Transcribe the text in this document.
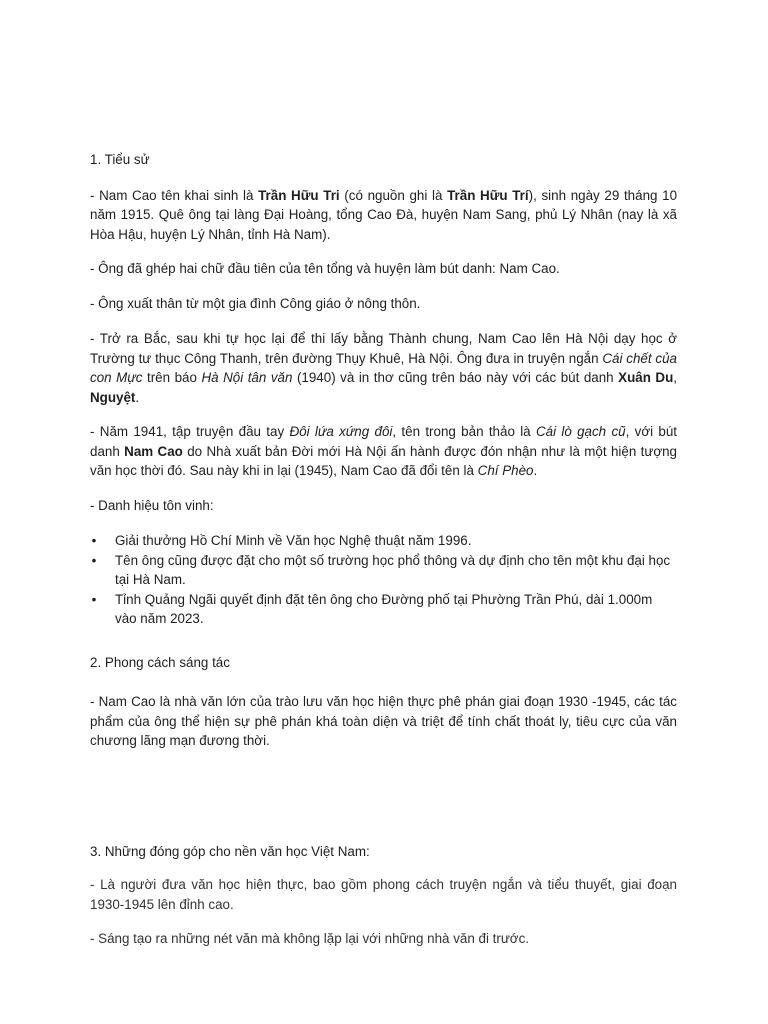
1. Tiểu sử

- Nam Cao tên khai sinh là Trần Hữu Tri (có nguồn ghi là Trần Hữu Trí), sinh ngày 29 tháng 10 năm 1915. Quê ông tại làng Đại Hoàng, tổng Cao Đà, huyện Nam Sang, phủ Lý Nhân (nay là xã Hòa Hậu, huyện Lý Nhân, tỉnh Hà Nam).

- Ông đã ghép hai chữ đầu tiên của tên tổng và huyện làm bút danh: Nam Cao.

- Ông xuất thân từ một gia đình Công giáo ở nông thôn.

- Trở ra Bắc, sau khi tự học lại để thi lấy bằng Thành chung, Nam Cao lên Hà Nội dạy học ở Trường tư thục Công Thanh, trên đường Thụy Khuê, Hà Nội. Ông đưa in truyện ngắn Cái chết của con Mực trên báo Hà Nội tân văn (1940) và in thơ cũng trên báo này với các bút danh Xuân Du, Nguyệt.

- Năm 1941, tập truyện đầu tay Đôi lứa xứng đôi, tên trong bản thảo là Cái lò gạch cũ, với bút danh Nam Cao do Nhà xuất bản Đời mới Hà Nội ấn hành được đón nhận như là một hiện tượng văn học thời đó. Sau này khi in lại (1945), Nam Cao đã đổi tên là Chí Phèo.

- Danh hiệu tôn vinh:

• Giải thưởng Hồ Chí Minh về Văn học Nghệ thuật năm 1996.
• Tên ông cũng được đặt cho một số trường học phổ thông và dự định cho tên một khu đại học tại Hà Nam.
• Tỉnh Quảng Ngãi quyết định đặt tên ông cho Đường phố tại Phường Trần Phú, dài 1.000m vào năm 2023.

2. Phong cách sáng tác

- Nam Cao là nhà văn lớn của trào lưu văn học hiện thực phê phán giai đoạn 1930 -1945, các tác phẩm của ông thể hiện sự phê phán khá toàn diện và triệt để tính chất thoát ly, tiêu cực của văn chương lãng mạn đương thời.

3. Những đóng góp cho nền văn học Việt Nam:

- Là người đưa văn học hiện thực, bao gồm phong cách truyện ngắn và tiểu thuyết, giai đoạn 1930-1945 lên đỉnh cao.

- Sáng tạo ra những nét văn mà không lặp lại với những nhà văn đi trước.
